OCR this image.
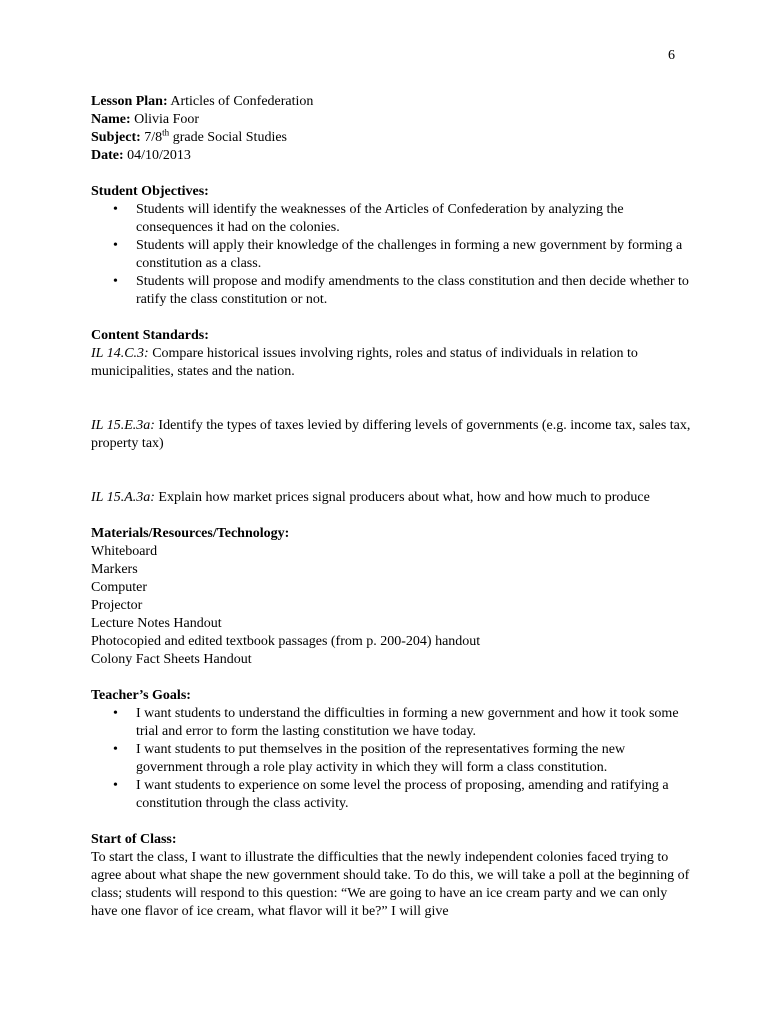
6

Lesson Plan: Articles of Confederation

Name: Olivia Foor

Subject: 7/8th grade Social Studies

Date: 04/10/2013

Student Objectives:

• Students will identify the weaknesses of the Articles of Confederation by analyzing the consequences it had on the colonies.
• Students will apply their knowledge of the challenges in forming a new government by forming a constitution as a class.
• Students will propose and modify amendments to the class constitution and then decide whether to ratify the class constitution or not.

Content Standards:

IL 14.C.3: Compare historical issues involving rights, roles and status of individuals in relation to municipalities, states and the nation.

IL 15.E.3a: Identify the types of taxes levied by differing levels of governments (e.g. income tax, sales tax, property tax)

IL 15.A.3a: Explain how market prices signal producers about what, how and how much to produce

Materials/Resources/Technology:

Whiteboard

Markers

Computer

Projector

Lecture Notes Handout

Photocopied and edited textbook passages (from p. 200-204) handout

Colony Fact Sheets Handout

Teacher’s Goals:

• I want students to understand the difficulties in forming a new government and how it took some trial and error to form the lasting constitution we have today.
• I want students to put themselves in the position of the representatives forming the new government through a role play activity in which they will form a class constitution.
• I want students to experience on some level the process of proposing, amending and ratifying a constitution through the class activity.

Start of Class:

To start the class, I want to illustrate the difficulties that the newly independent colonies faced trying to agree about what shape the new government should take. To do this, we will take a poll at the beginning of class; students will respond to this question: “We are going to have an ice cream party and we can only have one flavor of ice cream, what flavor will it be?” I will give
